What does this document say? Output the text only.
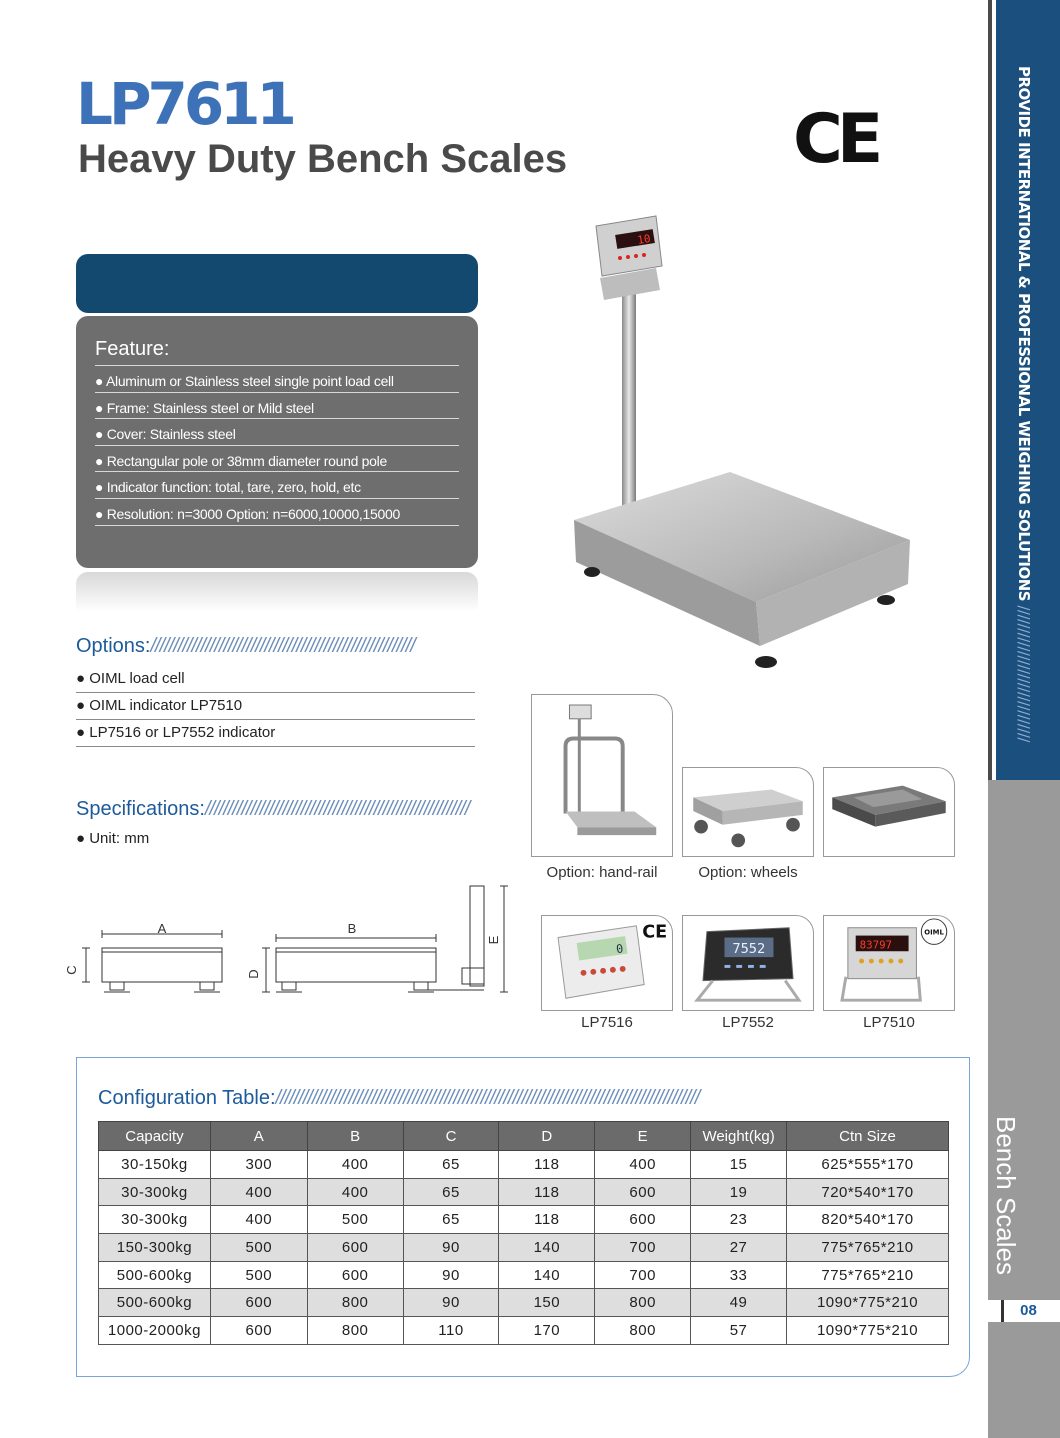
LP7611
Heavy Duty Bench Scales	CE
Feature:
● Aluminum or Stainless steel single point load cell
● Frame: Stainless steel or Mild steel
● Cover: Stainless steel
● Rectangular pole or 38mm diameter round pole
● Indicator function: total, tare, zero, hold, etc
● Resolution: n=3000 Option: n=6000,10000,15000
Options://////////////////////////////////////////////////////////
● OIML load cell
● OIML indicator LP7510
● LP7516 or LP7552 indicator
Specifications://////////////////////////////////////////////////////////
● Unit: mm
A	B
C	D
E
10
Option: hand-rail	Option: wheels
0
CE
LP7516
7552
LP7552
83797
OIML
LP7510
Configuration Table://///////////////////////////////////////////////////////////////////////////////////////////
Capacity	A	B	C	D	E	Weight(kg)	Ctn Size
30-150kg	300	400	65	118	400	15	625*555*170
30-300kg	400	400	65	118	600	19	720*540*170
30-300kg	400	500	65	118	600	23	820*540*170
150-300kg	500	600	90	140	700	27	775*765*210
500-600kg	500	600	90	140	700	33	775*765*210
500-600kg	600	800	90	150	800	49	1090*775*210
1000-2000kg	600	800	110	170	800	57	1090*775*210
PROVIDE INTERNATIONAL & PROFESSIONAL WEIGHING SOLUTIONS //////////////////////////////
Bench Scales
08
